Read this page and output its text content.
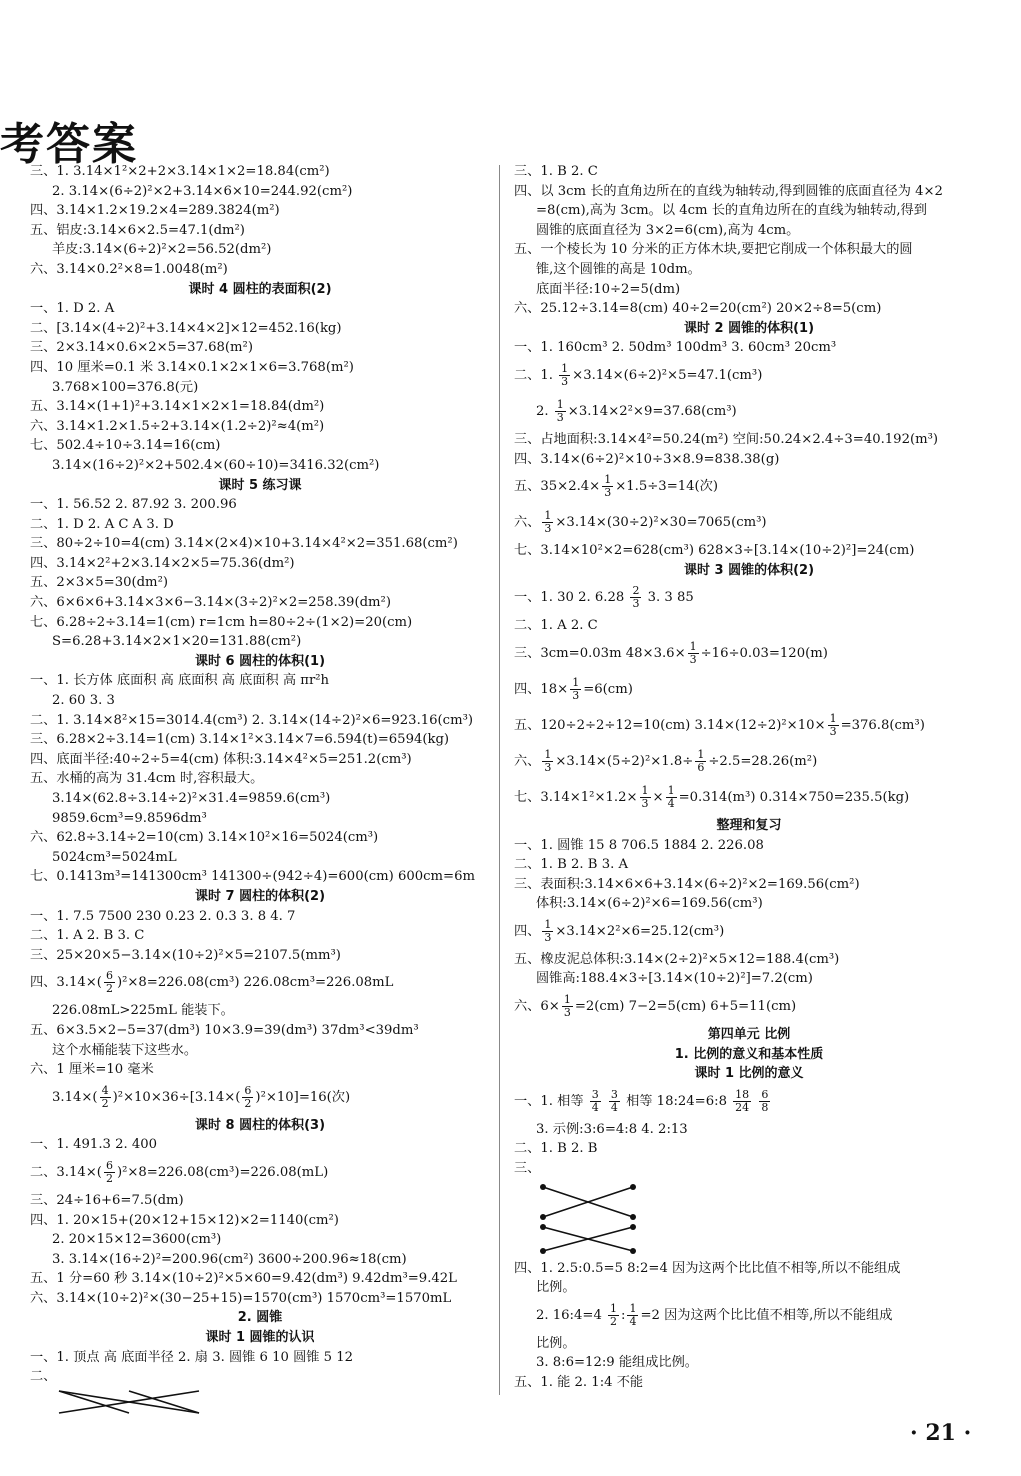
考答案
三、1. 3.14×1²×2+2×3.14×1×2=18.84(cm²)
2. 3.14×(6÷2)²×2+3.14×6×10=244.92(cm²)
四、3.14×1.2×19.2×4=289.3824(m²)
五、铝皮:3.14×6×2.5=47.1(dm²)
羊皮:3.14×(6÷2)²×2=56.52(dm²)
六、3.14×0.2²×8=1.0048(m²)
课时 4 圆柱的表面积(2)
一、1. D 2. A
二、[3.14×(4÷2)²+3.14×4×2]×12=452.16(kg)
三、2×3.14×0.6×2×5=37.68(m²)
四、10 厘米=0.1 米 3.14×0.1×2×1×6=3.768(m²)
3.768×100=376.8(元)
五、3.14×(1+1)²+3.14×1×2×1=18.84(dm²)
六、3.14×1.2×1.5÷2+3.14×(1.2÷2)²≈4(m²)
七、502.4÷10÷3.14=16(cm)
3.14×(16÷2)²×2+502.4×(60÷10)=3416.32(cm²)
课时 5 练习课
一、1. 56.52 2. 87.92 3. 200.96
二、1. D 2. A C A 3. D
三、80÷2÷10=4(cm) 3.14×(2×4)×10+3.14×4²×2=351.68(cm²)
四、3.14×2²+2×3.14×2×5=75.36(dm²)
五、2×3×5=30(dm²)
六、6×6×6+3.14×3×6−3.14×(3÷2)²×2=258.39(dm²)
七、6.28÷2÷3.14=1(cm) r=1cm h=80÷2÷(1×2)=20(cm)
S=6.28+3.14×2×1×20=131.88(cm²)
课时 6 圆柱的体积(1)
一、1. 长方体 底面积 高 底面积 高 底面积 高 πr²h
2. 60 3. 3
二、1. 3.14×8²×15=3014.4(cm³) 2. 3.14×(14÷2)²×6=923.16(cm³)
三、6.28×2÷3.14=1(cm) 3.14×1²×3.14×7=6.594(t)=6594(kg)
四、底面半径:40÷2÷5=4(cm) 体积:3.14×4²×5=251.2(cm³)
五、水桶的高为 31.4cm 时,容积最大。
3.14×(62.8÷3.14÷2)²×31.4=9859.6(cm³)
9859.6cm³=9.8596dm³
六、62.8÷3.14÷2=10(cm) 3.14×10²×16=5024(cm³)
5024cm³=5024mL
七、0.1413m³=141300cm³ 141300÷(942÷4)=600(cm) 600cm=6m
课时 7 圆柱的体积(2)
一、1. 7.5 7500 230 0.23 2. 0.3 3. 8 4. 7
二、1. A 2. B 3. C
三、25×20×5−3.14×(10÷2)²×5=2107.5(mm³)
四、$3.14\times( \frac{6}{2} )^2\times 8=226.08(cm^3)$ 226.08cm³=226.08mL
226.08mL>225mL 能装下。
五、6×3.5×2−5=37(dm³) 10×3.9=39(dm³) 37dm³<39dm³
这个水桶能装下这些水。
六、1 厘米=10 毫米
$3.14\times( \frac{4}{2} )^2\times 10\times 36\div[3.14\times( \frac{6}{2} )^2\times 10]=16$(次)
课时 8 圆柱的体积(3)
一、1. 491.3 2. 400
二、$3.14\times( \frac{6}{2} )^2\times 8=226.08(cm^3)=226.08(mL)$
三、24÷16+6=7.5(dm)
四、1. 20×15+(20×12+15×12)×2=1140(cm²)
2. 20×15×12=3600(cm³)
3. 3.14×(16÷2)²=200.96(cm²) 3600÷200.96≈18(cm)
五、1 分=60 秒 3.14×(10÷2)²×5×60=9.42(dm³) 9.42dm³=9.42L
六、3.14×(10÷2)²×(30−25+15)=1570(cm³) 1570cm³=1570mL
2. 圆锥
课时 1 圆锥的认识
一、1. 顶点 高 底面半径 2. 扇 3. 圆锥 6 10 圆锥 5 12
二、
三、1. B 2. C
四、以 3cm 长的直角边所在的直线为轴转动,得到圆锥的底面直径为 4×2
=8(cm),高为 3cm。以 4cm 长的直角边所在的直线为轴转动,得到
圆锥的底面直径为 3×2=6(cm),高为 4cm。
五、一个棱长为 10 分米的正方体木块,要把它削成一个体积最大的圆
锥,这个圆锥的高是 10dm。
底面半径:10÷2=5(dm)
六、25.12÷3.14=8(cm) 40÷2=20(cm²) 20×2÷8=5(cm)
课时 2 圆锥的体积(1)
一、1. 160cm³ 2. 50dm³ 100dm³ 3. 60cm³ 20cm³
二、1. $\frac{1}{3} \times 3.14\times(6\div 2)^2\times 5=47.1(cm^3)$
2. $\frac{1}{3} \times 3.14\times 2^2\times 9=37.68(cm^3)$
三、占地面积:3.14×4²=50.24(m²) 空间:50.24×2.4÷3=40.192(m³)
四、3.14×(6÷2)²×10÷3×8.9=838.38(g)
五、$35\times 2.4\times \frac{1}{3} \times 1.5\div 3=14$(次)
六、 $\frac{1}{3} \times 3.14\times(30\div 2)^2\times 30=7065(cm^3)$
七、3.14×10²×2=628(cm³) 628×3÷[3.14×(10÷2)²]=24(cm)
课时 3 圆锥的体积(2)
一、1. 30 2. $6.28 \frac{2}{3} 3$. 3 85
二、1. A 2. C
三、3cm=0.03m $48\times 3.6\times \frac{1}{3} \div 16\div 0.03=120(m)$
四、$18\times \frac{1}{3} =6(cm)$
五、120÷2÷2÷12=10(cm) $3.14\times(12\div 2)^2\times 10\times \frac{1}{3} =376.8(cm^3)$
六、 $\frac{1}{3} \times 3.14\times(5\div 2)^2\times 1.8\div \frac{1}{6} \div 2.5=28.26(m^2)$
七、$3.14\times 1^2\times 1.2\times \frac{1}{3} \times \frac{1}{4} =0.314(m^3)$ 0.314×750=235.5(kg)
整理和复习
一、1. 圆锥 15 8 706.5 1884 2. 226.08
二、1. B 2. B 3. A
三、表面积:3.14×6×6+3.14×(6÷2)²×2=169.56(cm²)
体积:3.14×(6÷2)²×6=169.56(cm³)
四、 $\frac{1}{3} \times 3.14\times 2^2\times 6=25.12(cm^3)$
五、橡皮泥总体积:3.14×(2÷2)²×5×12=188.4(cm³)
圆锥高:188.4×3÷[3.14×(10÷2)²]=7.2(cm)
六、$6\times \frac{1}{3} =2(cm)$ 7−2=5(cm) 6+5=11(cm)
第四单元 比例
1. 比例的意义和基本性质
课时 1 比例的意义
一、1. 相等 $\frac{3}{4}$
$\frac{3}{4}$ 相等 18:24=6:8 $\frac{18}{24}$
$\frac{6}{8}$
3. 示例:3:6=4:8 4. 2:13
二、1. B 2. B
三、
四、1. 2.5:0.5=5 8:2=4 因为这两个比比值不相等,所以不能组成
比例。
2. 16:4=4 $\frac{1}{2}$ : $\frac{1}{4} =2$ 因为这两个比比值不相等,所以不能组成
比例。
3. 8:6=12:9 能组成比例。
五、1. 能 2. 1:4 不能
· 21 ·
